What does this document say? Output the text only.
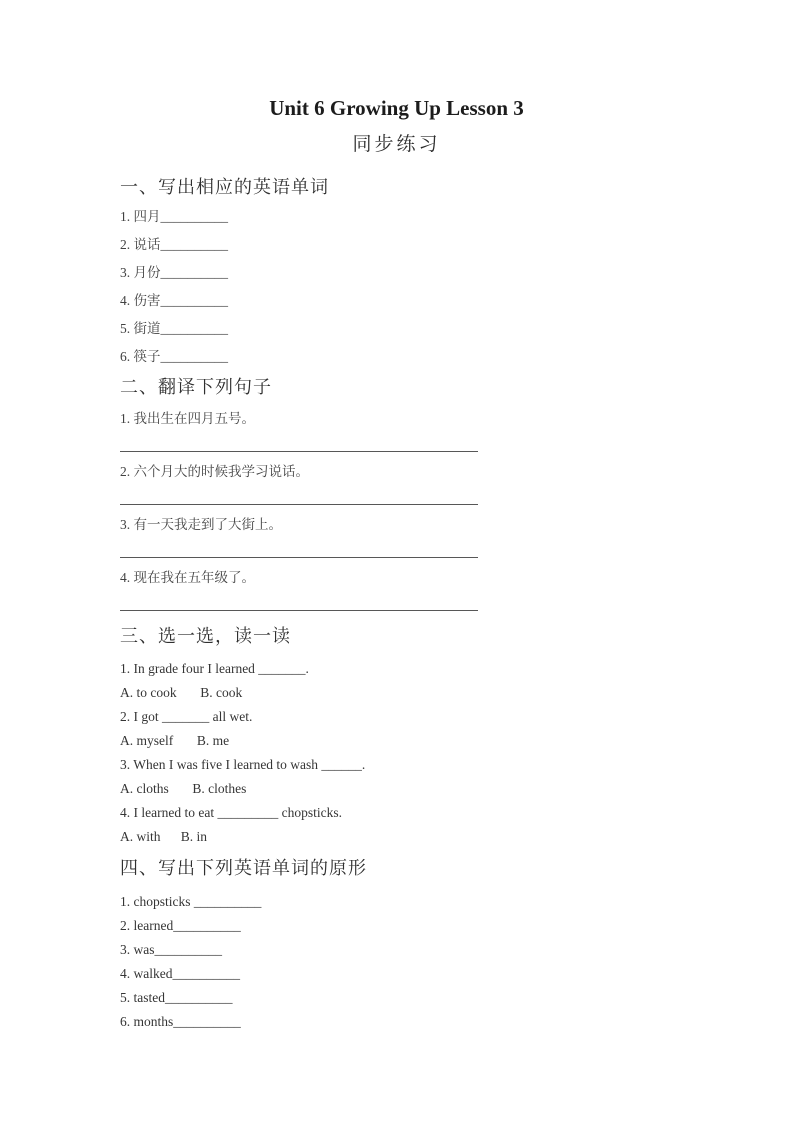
Unit 6 Growing Up Lesson 3
同步练习
一、写出相应的英语单词
1. 四月__________
2. 说话__________
3. 月份__________
4. 伤害__________
5. 街道__________
6. 筷子__________
二、翻译下列句子
1. 我出生在四月五号。
2. 六个月大的时候我学习说话。
3. 有一天我走到了大街上。
4. 现在我在五年级了。
三、选一选，读一读
1. In grade four I learned _______.
A. to cook       B. cook
2. I got _______ all wet.
A. myself       B. me
3. When I was five I learned to wash ______.
A. cloths       B. clothes
4. I learned to eat _________ chopsticks.
A. with      B. in
四、写出下列英语单词的原形
1. chopsticks __________
2. learned__________
3. was__________
4. walked__________
5. tasted__________
6. months__________
